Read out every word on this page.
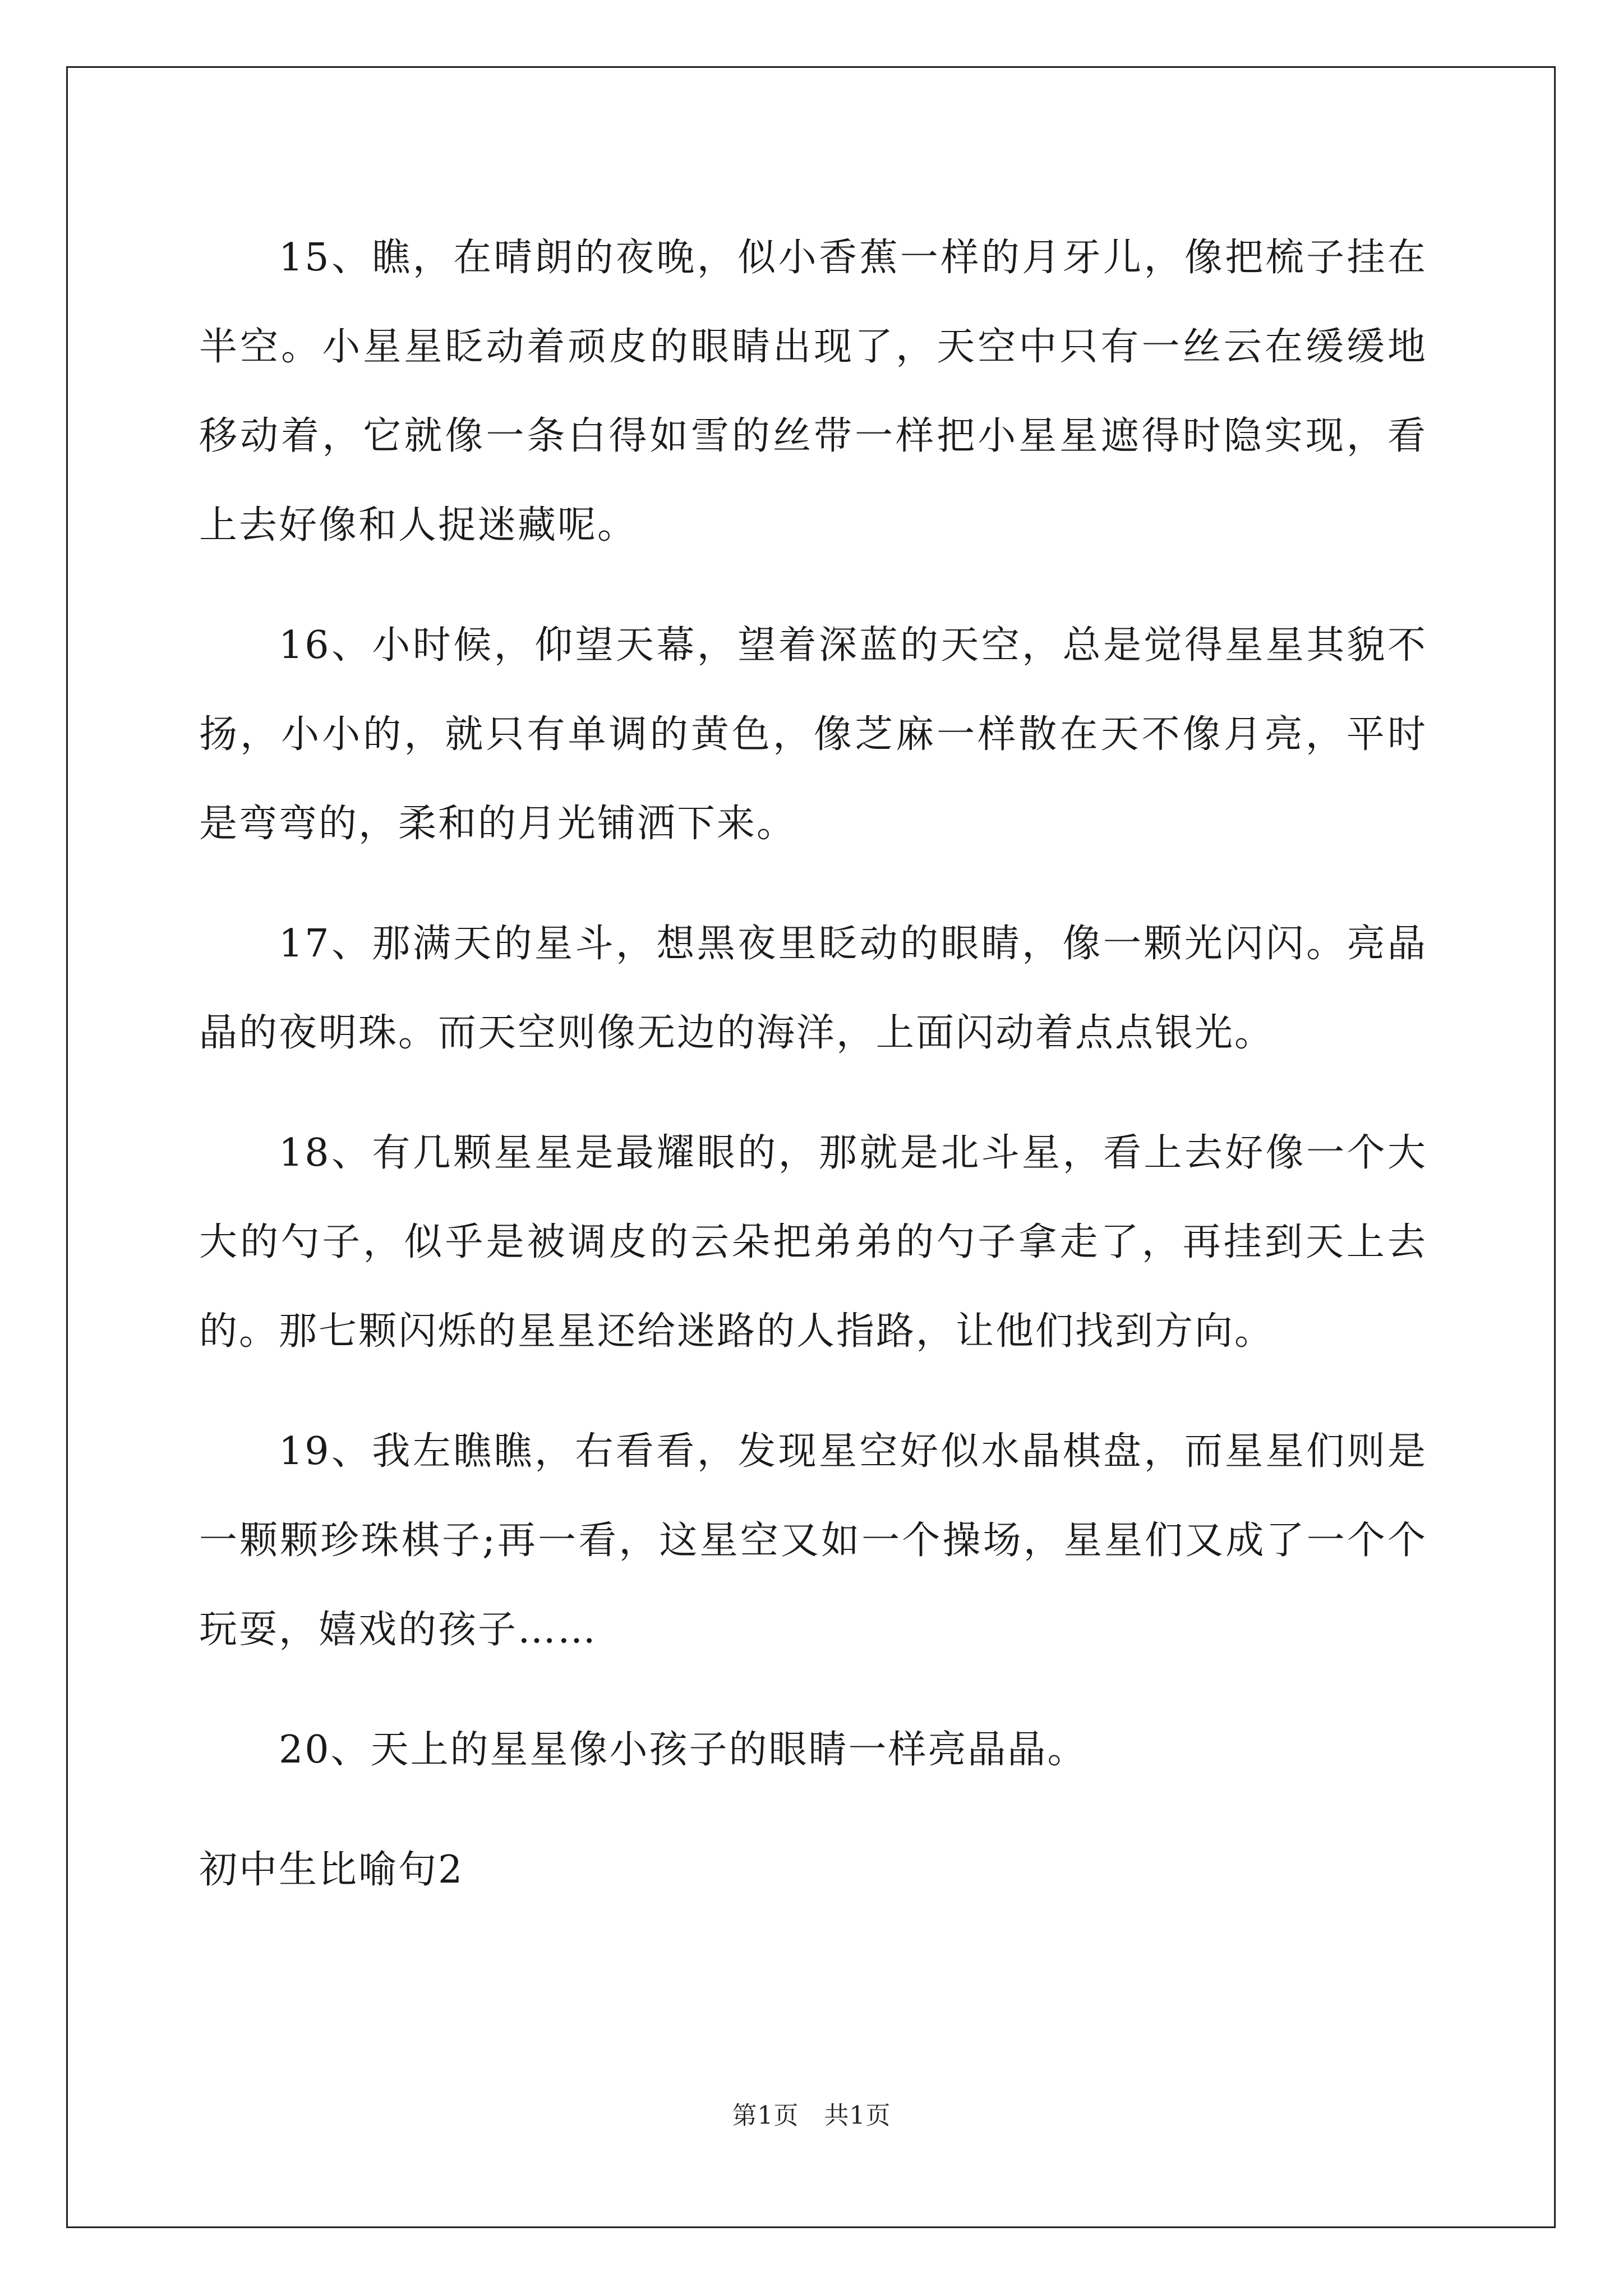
15、瞧，在晴朗的夜晚，似小香蕉一样的月牙儿，像把梳子挂在半空。小星星眨动着顽皮的眼睛出现了，天空中只有一丝云在缓缓地移动着，它就像一条白得如雪的丝带一样把小星星遮得时隐实现，看上去好像和人捉迷藏呢。

16、小时候，仰望天幕，望着深蓝的天空，总是觉得星星其貌不扬，小小的，就只有单调的黄色，像芝麻一样散在天不像月亮，平时是弯弯的，柔和的月光铺洒下来。

17、那满天的星斗，想黑夜里眨动的眼睛，像一颗光闪闪。亮晶晶的夜明珠。而天空则像无边的海洋，上面闪动着点点银光。

18、有几颗星星是最耀眼的，那就是北斗星，看上去好像一个大大的勺子，似乎是被调皮的云朵把弟弟的勺子拿走了，再挂到天上去的。那七颗闪烁的星星还给迷路的人指路，让他们找到方向。

19、我左瞧瞧，右看看，发现星空好似水晶棋盘，而星星们则是一颗颗珍珠棋子;再一看，这星空又如一个操场，星星们又成了一个个玩耍，嬉戏的孩子……

20、天上的星星像小孩子的眼睛一样亮晶晶。

初中生比喻句2

第1页　共1页
